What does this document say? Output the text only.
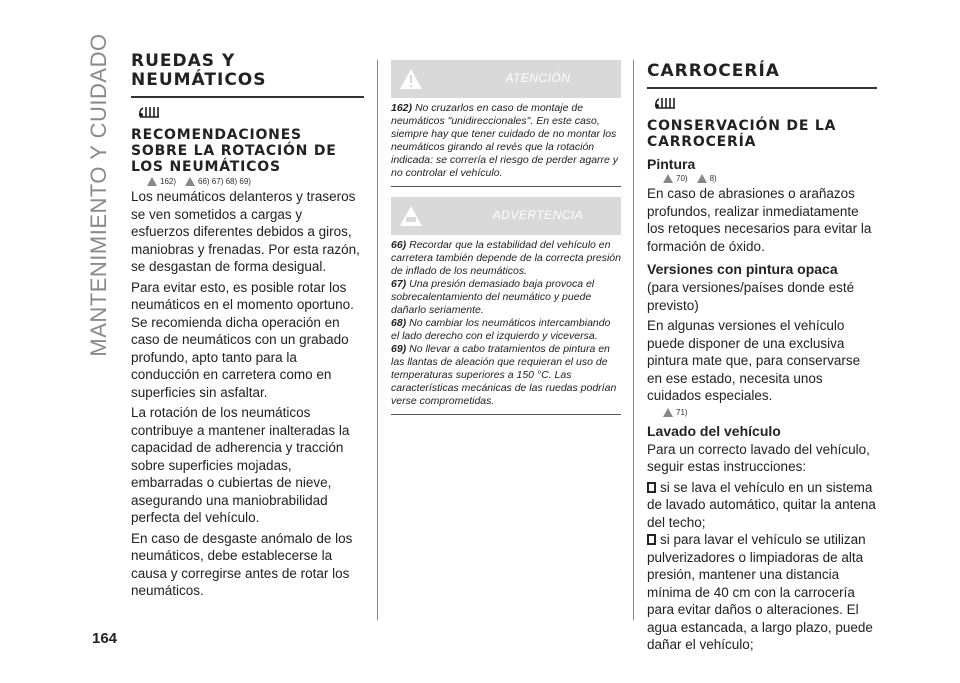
MANTENIMIENTO Y CUIDADO RUEDAS Y NEUMÁTICOS
RECOMENDACIONES SOBRE LA ROTACIÓN DE LOS NEUMÁTICOS
162)	66) 67) 68) 69)

Los neumáticos delanteros y traseros se ven sometidos a cargas y esfuerzos diferentes debidos a giros, maniobras y frenadas. Por esta razón, se desgastan de forma desigual.

Para evitar esto, es posible rotar los neumáticos en el momento oportuno. Se recomienda dicha operación en caso de neumáticos con un grabado profundo, apto tanto para la conducción en carretera como en superficies sin asfaltar.

La rotación de los neumáticos contribuye a mantener inalteradas la capacidad de adherencia y tracción sobre superficies mojadas, embarradas o cubiertas de nieve, asegurando una maniobrabilidad perfecta del vehículo.

En caso de desgaste anómalo de los neumáticos, debe establecerse la causa y corregirse antes de rotar los neumáticos.

ATENCIÓN

162) No cruzarlos en caso de montaje de neumáticos "unidireccionales". En este caso, siempre hay que tener cuidado de no montar los neumáticos girando al revés que la rotación indicada: se correría el riesgo de perder agarre y no controlar el vehículo.

ADVERTENCIA

66) Recordar que la estabilidad del vehículo en carretera también depende de la correcta presión de inflado de los neumáticos.

67) Una presión demasiado baja provoca el sobrecalentamiento del neumático y puede dañarlo seriamente.

68) No cambiar los neumáticos intercambiando el lado derecho con el izquierdo y viceversa.

69) No llevar a cabo tratamientos de pintura en las llantas de aleación que requieran el uso de temperaturas superiores a 150 °C. Las características mecánicas de las ruedas podrían verse comprometidas.

CARROCERÍA
CONSERVACIÓN DE LA CARROCERÍA
Pintura
70)	8)

En caso de abrasiones o arañazos profundos, realizar inmediatamente los retoques necesarios para evitar la formación de óxido.

Versiones con pintura opaca

(para versiones/países donde esté previsto)

En algunas versiones el vehículo puede disponer de una exclusiva pintura mate que, para conservarse en ese estado, necesita unos cuidados especiales.

71)
Lavado del vehículo

Para un correcto lavado del vehículo, seguir estas instrucciones:

si se lava el vehículo en un sistema de lavado automático, quitar la antena del techo;

si para lavar el vehículo se utilizan pulverizadores o limpiadoras de alta presión, mantener una distancia mínima de 40 cm con la carrocería para evitar daños o alteraciones. El agua estancada, a largo plazo, puede dañar el vehículo;

164
